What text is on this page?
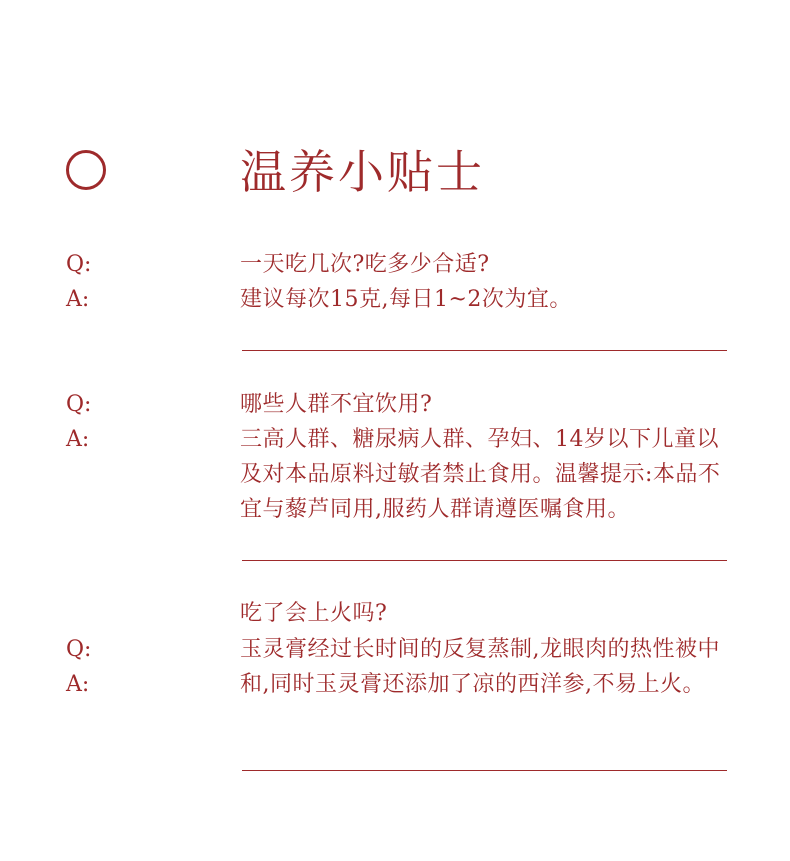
温养小贴士
Q:
A:
一天吃几次?吃多少合适?
建议每次15克,每日1~2次为宜。
Q:
A:
哪些人群不宜饮用?
三高人群、糖尿病人群、孕妇、14岁以下儿童以及对本品原料过敏者禁止食用。温馨提示:本品不宜与藜芦同用,服药人群请遵医嘱食用。
吃了会上火吗?
Q:
A:
玉灵膏经过长时间的反复蒸制,龙眼肉的热性被中和,同时玉灵膏还添加了凉的西洋参,不易上火。
